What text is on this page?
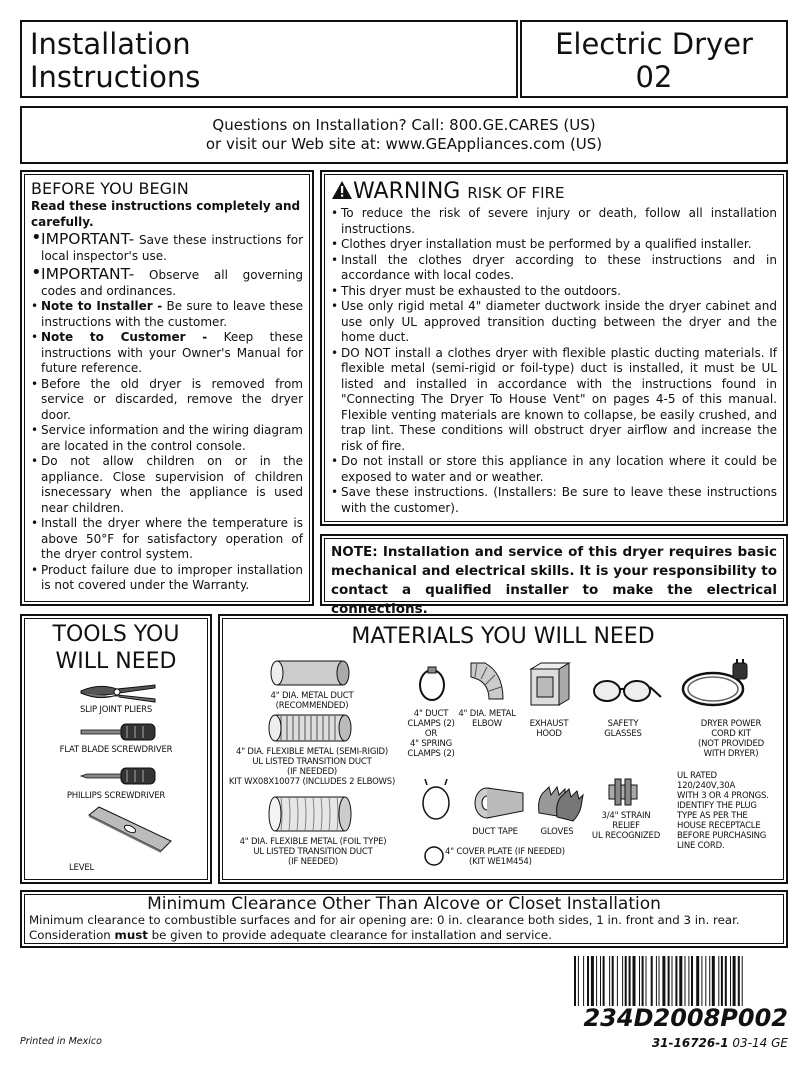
Installation
Instructions
Electric Dryer
02
Questions on Installation? Call: 800.GE.CARES (US)
or visit our Web site at: www.GEAppliances.com (US)
BEFORE YOU BEGIN
Read these instructions completely and carefully.
• IMPORTANT- Save these instructions for local inspector's use.
• IMPORTANT- Observe all governing codes and ordinances.
• Note to Installer - Be sure to leave these instructions with the customer.
• Note to Customer - Keep these instructions with your Owner's Manual for future reference.
• Before the old dryer is removed from service or discarded, remove the dryer door.
• Service information and the wiring diagram are located in the control console.
• Do not allow children on or in the appliance. Close supervision of children isnecessary when the appliance is used near children.
• Install the dryer where the temperature is above 50°F for satisfactory operation of the dryer control system.
• Product failure due to improper installation is not covered under the Warranty.
WARNING RISK OF FIRE
• To reduce the risk of severe injury or death, follow all installation instructions.
• Clothes dryer installation must be performed by a qualified installer.
• Install the clothes dryer according to these instructions and in accordance with local codes.
• This dryer must be exhausted to the outdoors.
• Use only rigid metal 4" diameter ductwork inside the dryer cabinet and use only UL approved transition ducting between the dryer and the home duct.
• DO NOT install a clothes dryer with flexible plastic ducting materials. If flexible metal (semi-rigid or foil-type) duct is installed, it must be UL listed and installed in accordance with the instructions found in "Connecting The Dryer To House Vent" on pages 4-5 of this manual. Flexible venting materials are known to collapse, be easily crushed, and trap lint. These conditions will obstruct dryer airflow and increase the risk of fire.
• Do not install or store this appliance in any location where it could be exposed to water and or weather.
• Save these instructions. (Installers: Be sure to leave these instructions with the customer).
NOTE: Installation and service of this dryer requires basic mechanical and electrical skills. It is your responsibility to contact a qualified installer to make the electrical connections.
TOOLS YOU
WILL NEED
SLIP JOINT PLIERS
FLAT BLADE SCREWDRIVER
PHILLIPS SCREWDRIVER
LEVEL
MATERIALS YOU WILL NEED
4" DIA. METAL DUCT
(RECOMMENDED)
4" DIA. FLEXIBLE METAL (SEMI-RIGID)
UL LISTED TRANSITION DUCT
(IF NEEDED)
KIT WX08X10077 (INCLUDES 2 ELBOWS)
4" DIA. FLEXIBLE METAL (FOIL TYPE)
UL LISTED TRANSITION DUCT
(IF NEEDED)
4" DUCT
CLAMPS (2)
OR
4" SPRING
CLAMPS (2)
4" DIA. METAL
ELBOW	EXHAUST
HOOD
SAFETY
GLASSES
DRYER POWER
CORD KIT
(NOT PROVIDED
WITH DRYER)
UL RATED
120/240V,30A
WITH 3 OR 4 PRONGS.
IDENTIFY THE PLUG
TYPE AS PER THE
HOUSE RECEPTACLE
BEFORE PURCHASING
LINE CORD.
DUCT TAPE	GLOVES
3/4" STRAIN
RELIEF
UL RECOGNIZED
4" COVER PLATE (IF NEEDED)
(KIT WE1M454)
Minimum Clearance Other Than Alcove or Closet Installation
Minimum clearance to combustible surfaces and for air opening are: 0 in. clearance both sides, 1 in. front and 3 in. rear.
Consideration must be given to provide adequate clearance for installation and service.
234D2008P002
31-16726-1 03-14 GE
Printed in Mexico
